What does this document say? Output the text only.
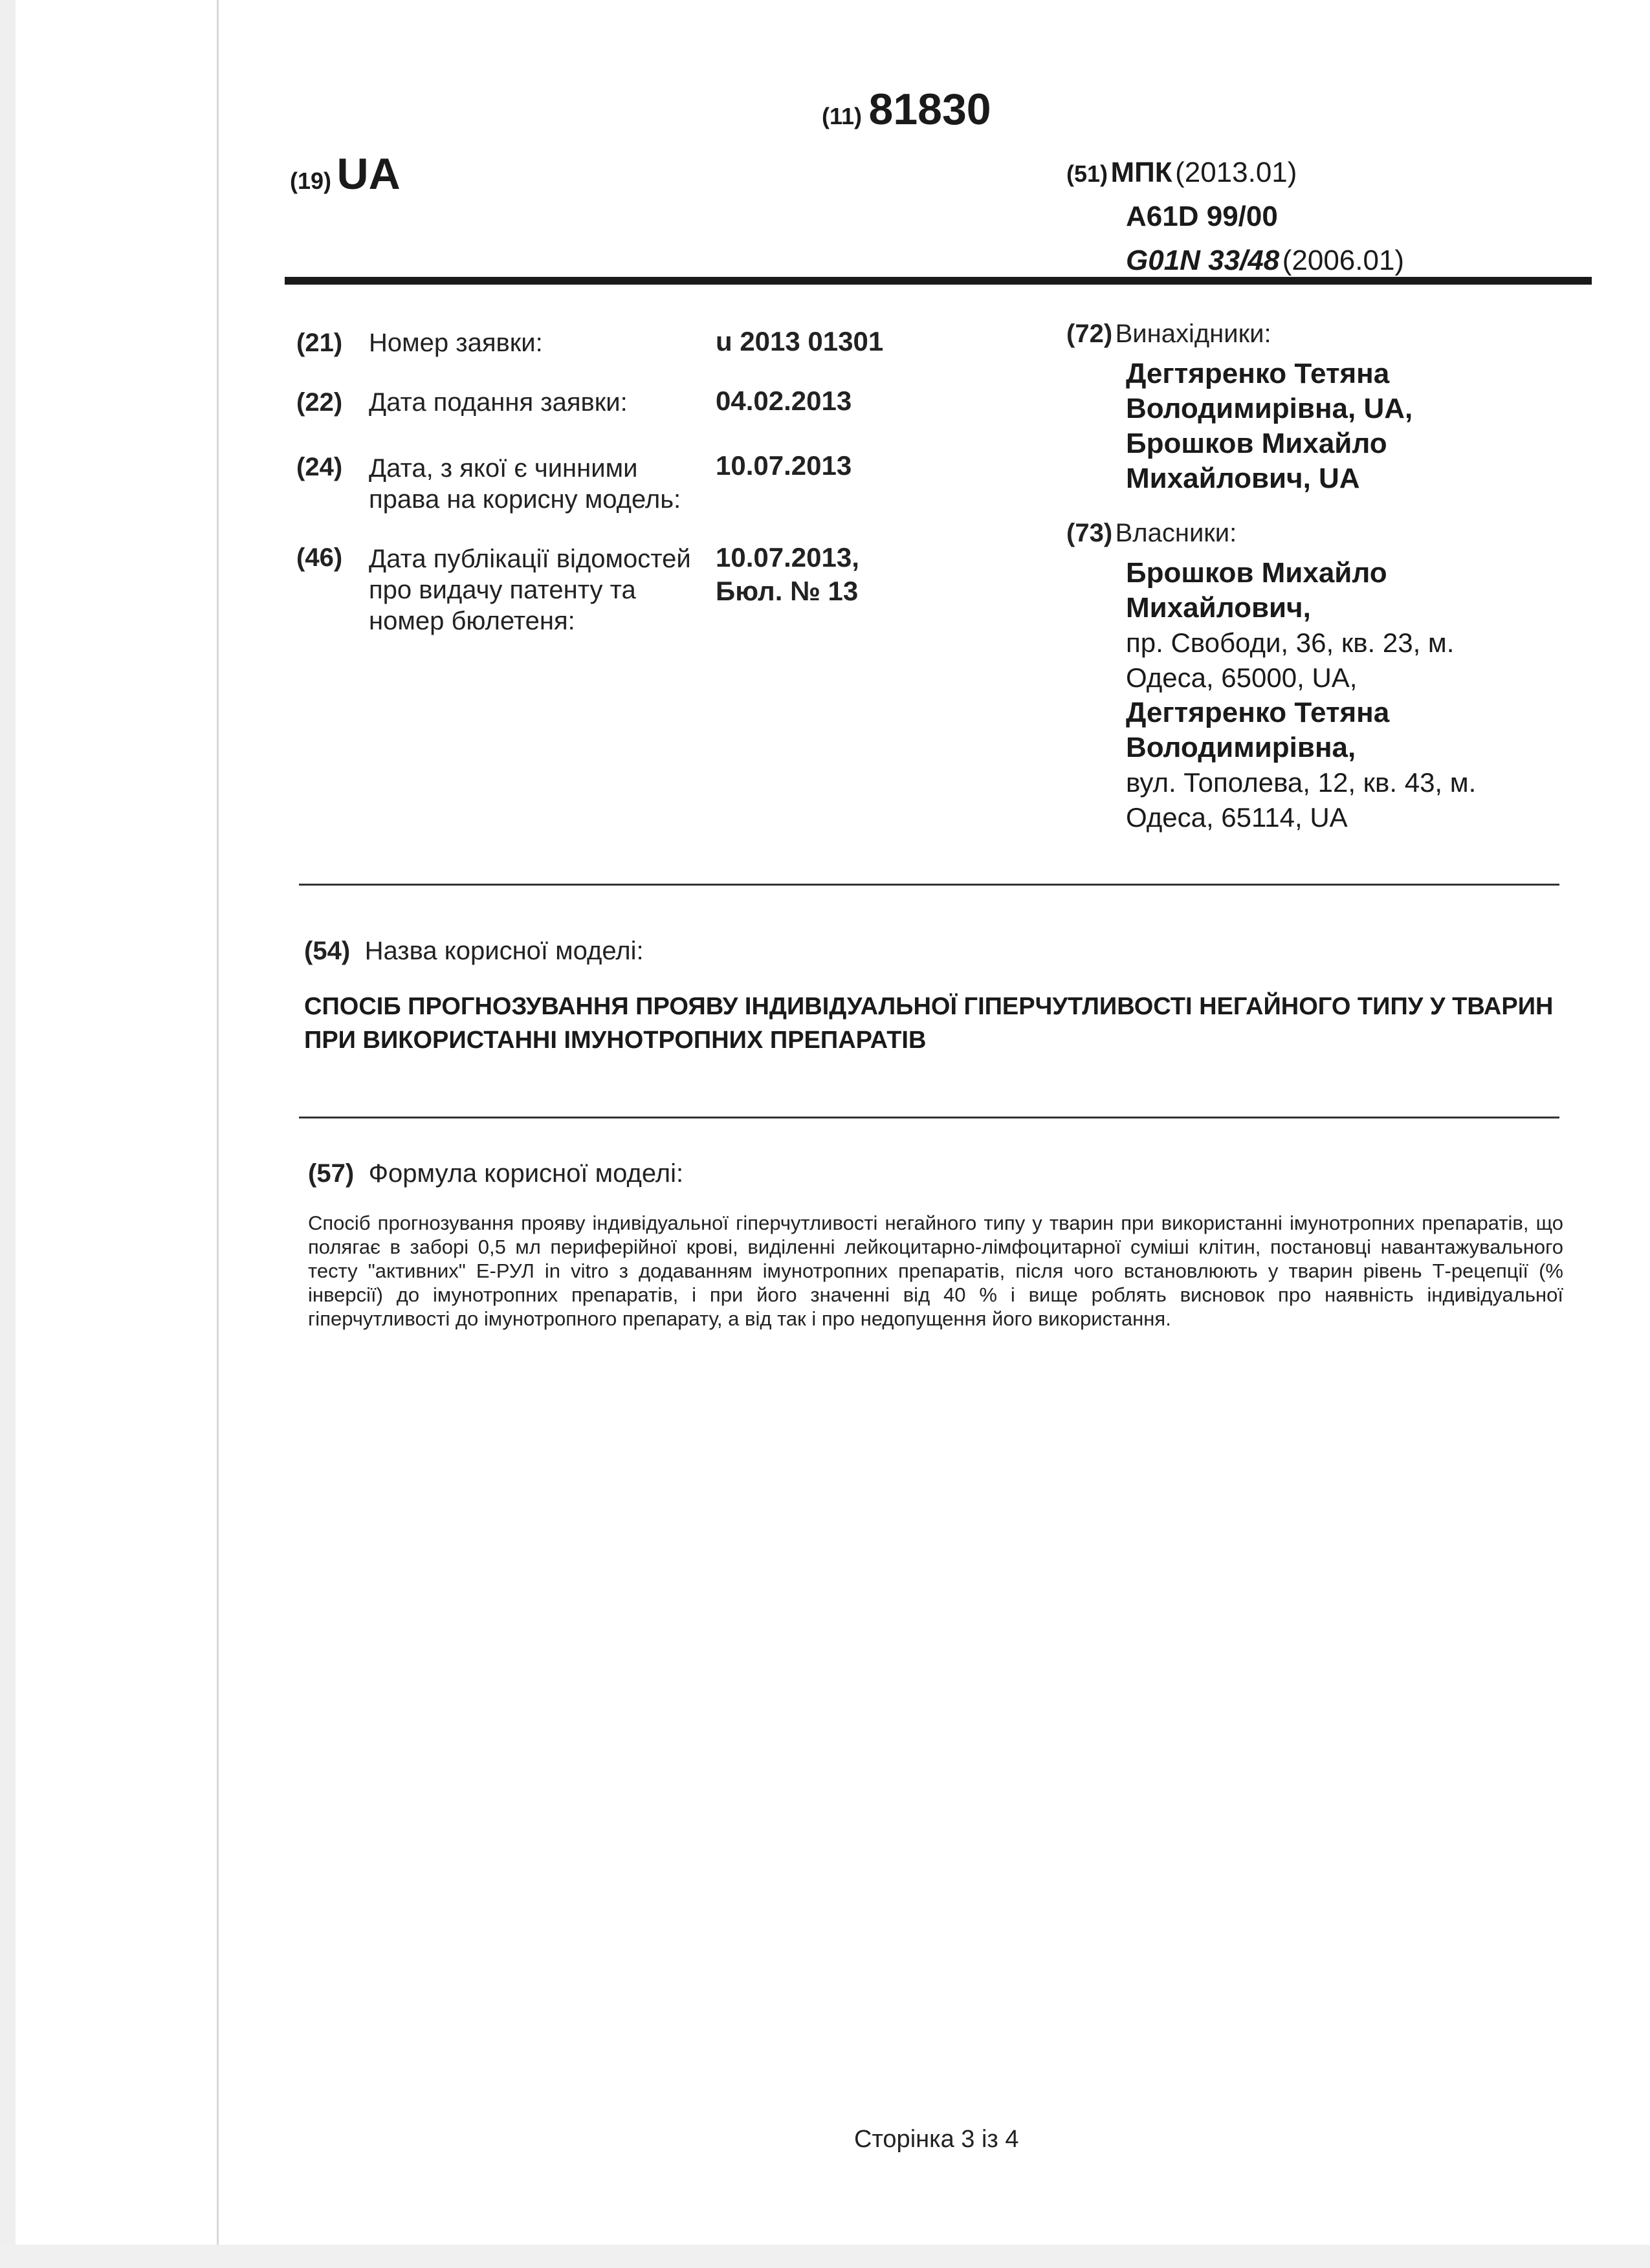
(11) 81830
(19) UA	(51) МПК (2013.01)
A61D 99/00
G01N 33/48 (2006.01)
(21) Номер заявки:	u 2013 01301
(22) Дата подання заявки:	04.02.2013
(24) Дата, з якої є чинними права на корисну модель:
10.07.2013
(46) Дата публікації відомостей про видачу патенту та номер бюлетеня:
10.07.2013, Бюл. № 13
(72) Винахідники:
Дегтяренко Тетяна Володимирівна, UA,
Брошков Михайло Михайлович, UA
(73) Власники:
Брошков Михайло Михайлович,
пр. Свободи, 36, кв. 23, м. Одеса, 65000, UA,
Дегтяренко Тетяна Володимирівна,
вул. Тополева, 12, кв. 43, м. Одеса, 65114, UA
(54) Назва корисної моделі:
СПОСІБ ПРОГНОЗУВАННЯ ПРОЯВУ ІНДИВІДУАЛЬНОЇ ГІПЕРЧУТЛИВОСТІ НЕГАЙНОГО ТИПУ У ТВАРИН ПРИ ВИКОРИСТАННІ ІМУНОТРОПНИХ ПРЕПАРАТІВ
(57) Формула корисної моделі:
Спосіб прогнозування прояву індивідуальної гіперчутливості негайного типу у тварин при використанні імунотропних препаратів, що полягає в заборі 0,5 мл периферійної крові, виділенні лейкоцитарно-лімфоцитарної суміші клітин, постановці навантажувального тесту "активних" Е-РУЛ in vitro з додаванням імунотропних препаратів, після чого встановлюють у тварин рівень Т-рецепції (% інверсії) до імунотропних препаратів, і при його значенні від 40 % і вище роблять висновок про наявність індивідуальної гіперчутливості до імунотропного препарату, а від так і про недопущення його використання.
Сторінка 3 із 4
